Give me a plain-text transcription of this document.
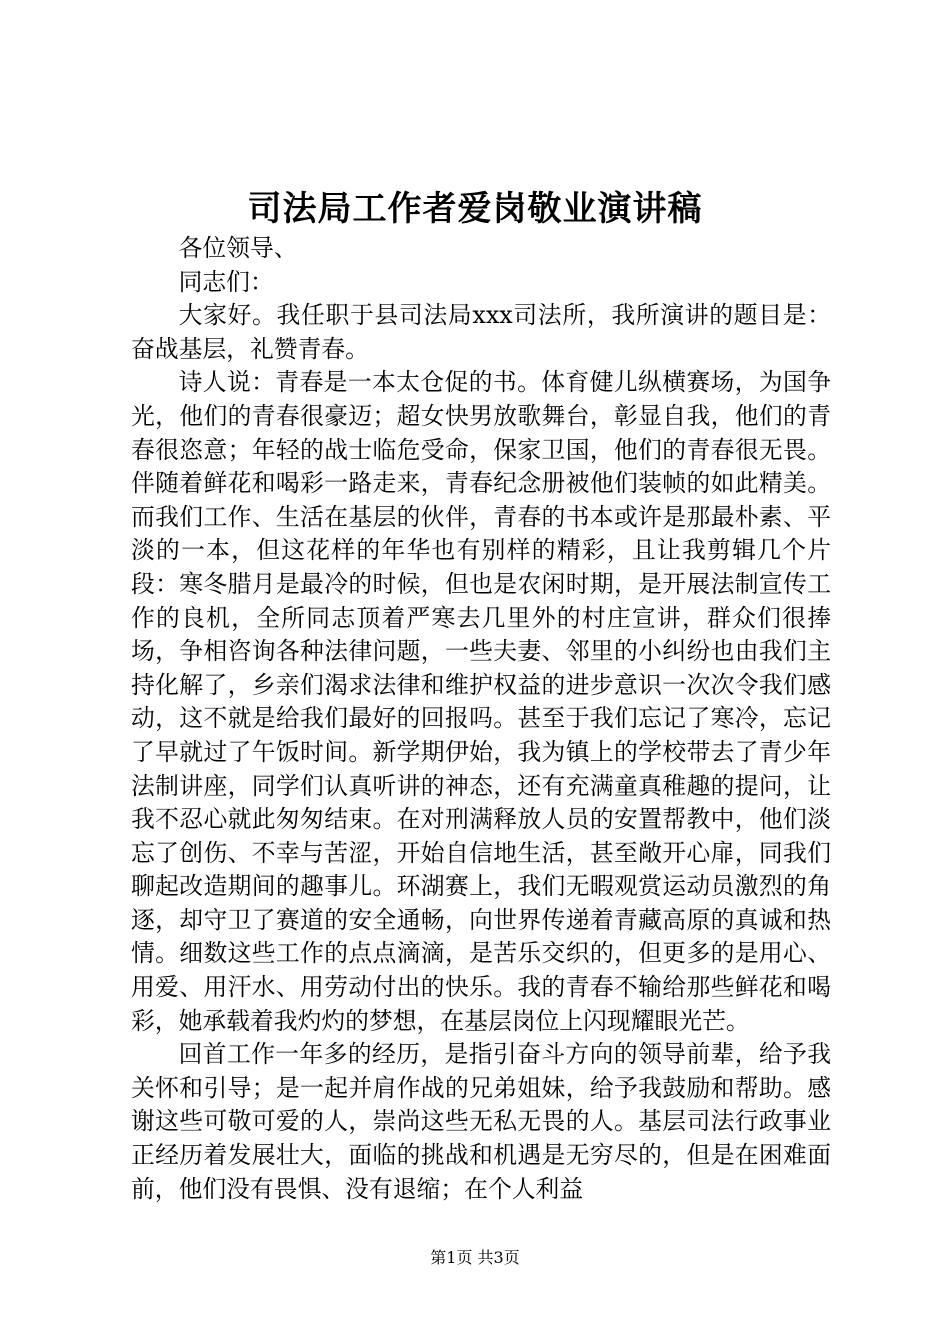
司法局工作者爱岗敬业演讲稿

各位领导、

同志们：

大家好。我任职于县司法局xxx司法所，我所演讲的题目是：奋战基层，礼赞青春。

诗人说：青春是一本太仓促的书。体育健儿纵横赛场，为国争光，他们的青春很豪迈；超女快男放歌舞台，彰显自我，他们的青春很恣意；年轻的战士临危受命，保家卫国，他们的青春很无畏。伴随着鲜花和喝彩一路走来，青春纪念册被他们装帧的如此精美。而我们工作、生活在基层的伙伴，青春的书本或许是那最朴素、平淡的一本，但这花样的年华也有别样的精彩，且让我剪辑几个片段：寒冬腊月是最冷的时候，但也是农闲时期，是开展法制宣传工作的良机，全所同志顶着严寒去几里外的村庄宣讲，群众们很捧场，争相咨询各种法律问题，一些夫妻、邻里的小纠纷也由我们主持化解了，乡亲们渴求法律和维护权益的进步意识一次次令我们感动，这不就是给我们最好的回报吗。甚至于我们忘记了寒冷，忘记了早就过了午饭时间。新学期伊始，我为镇上的学校带去了青少年法制讲座，同学们认真听讲的神态，还有充满童真稚趣的提问，让我不忍心就此匆匆结束。在对刑满释放人员的安置帮教中，他们淡忘了创伤、不幸与苦涩，开始自信地生活，甚至敞开心扉，同我们聊起改造期间的趣事儿。环湖赛上，我们无暇观赏运动员激烈的角逐，却守卫了赛道的安全通畅，向世界传递着青藏高原的真诚和热情。细数这些工作的点点滴滴，是苦乐交织的，但更多的是用心、用爱、用汗水、用劳动付出的快乐。我的青春不输给那些鲜花和喝彩，她承载着我灼灼的梦想，在基层岗位上闪现耀眼光芒。

回首工作一年多的经历，是指引奋斗方向的领导前辈，给予我关怀和引导；是一起并肩作战的兄弟姐妹，给予我鼓励和帮助。感谢这些可敬可爱的人，崇尚这些无私无畏的人。基层司法行政事业正经历着发展壮大，面临的挑战和机遇是无穷尽的，但是在困难面前，他们没有畏惧、没有退缩；在个人利益

第1页 共3页
